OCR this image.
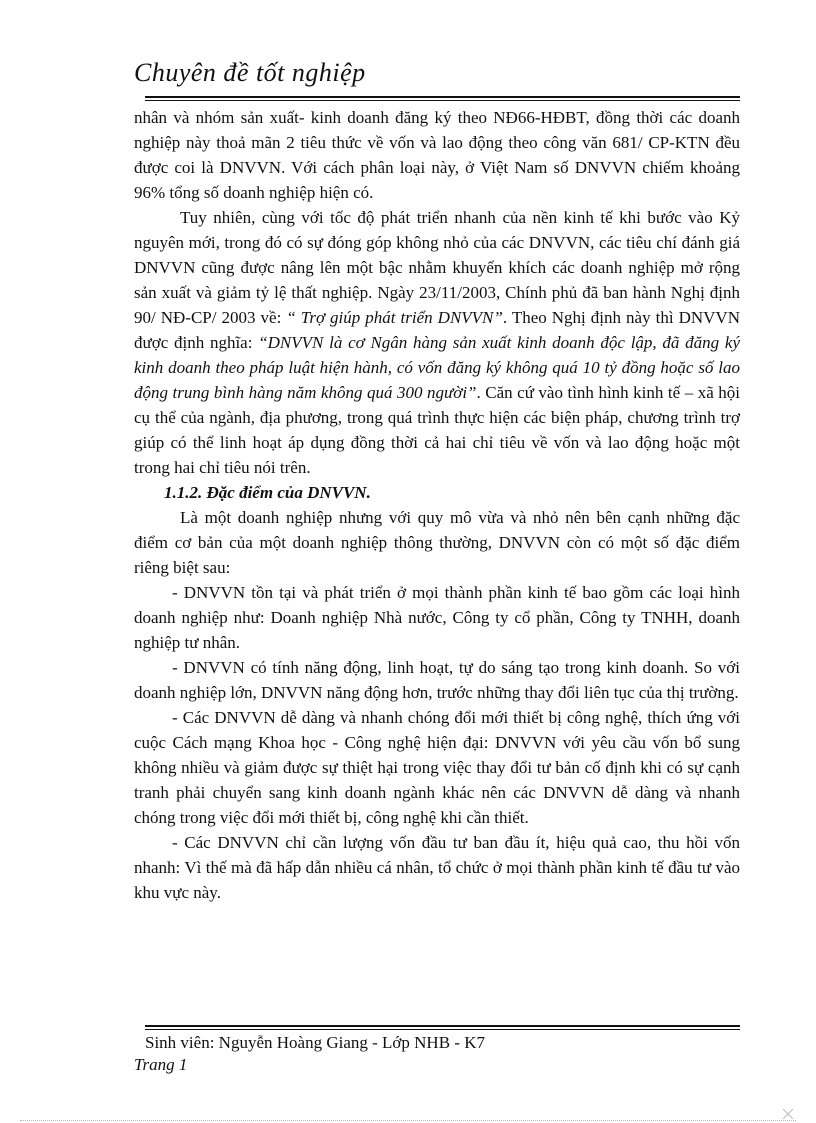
Chuyên đề tốt nghiệp

nhân và nhóm sản xuất- kinh doanh đăng ký theo NĐ66-HĐBT, đồng thời các doanh nghiệp này thoả mãn 2 tiêu thức về vốn và lao động theo công văn 681/ CP-KTN đều được coi là DNVVN. Với cách phân loại này, ở Việt Nam số DNVVN chiếm khoảng 96% tổng số doanh nghiệp hiện có.

Tuy nhiên, cùng với tốc độ phát triển nhanh của nền kinh tế khi bước vào Kỷ nguyên mới, trong đó có sự đóng góp không nhỏ của các DNVVN, các tiêu chí đánh giá DNVVN cũng được nâng lên một bậc nhằm khuyến khích các doanh nghiệp mở rộng sản xuất và giảm tỷ lệ thất nghiệp. Ngày 23/11/2003, Chính phủ đã ban hành Nghị định 90/ NĐ-CP/ 2003 về: “ Trợ giúp phát triển DNVVN”. Theo Nghị định này thì DNVVN được định nghĩa: “DNVVN là cơ Ngân hàng sản xuất kinh doanh độc lập, đã đăng ký kinh doanh theo pháp luật hiện hành, có vốn đăng ký không quá 10 tỷ đồng hoặc số lao động trung bình hàng năm không quá 300 người”. Căn cứ vào tình hình kinh tế – xã hội cụ thể của ngành, địa phương, trong quá trình thực hiện các biện pháp, chương trình trợ giúp có thể linh hoạt áp dụng đồng thời cả hai chỉ tiêu về vốn và lao động hoặc một trong hai chỉ tiêu nói trên.

1.1.2. Đặc điểm của DNVVN.

Là một doanh nghiệp nhưng với quy mô vừa và nhỏ nên bên cạnh những đặc điểm cơ bản của một doanh nghiệp thông thường, DNVVN còn có một số đặc điểm riêng biệt sau:

- DNVVN tồn tại và phát triển ở mọi thành phần kinh tế bao gồm các loại hình doanh nghiệp như: Doanh nghiệp Nhà nước, Công ty cổ phần, Công ty TNHH, doanh nghiệp tư nhân.

- DNVVN có tính năng động, linh hoạt, tự do sáng tạo trong kinh doanh. So với doanh nghiệp lớn, DNVVN năng động hơn, trước những thay đổi liên tục của thị trường.

- Các DNVVN dễ dàng và nhanh chóng đổi mới thiết bị công nghệ, thích ứng với cuộc Cách mạng Khoa học - Công nghệ hiện đại: DNVVN với yêu cầu vốn bổ sung không nhiều và giảm được sự thiệt hại trong việc thay đổi tư bản cố định khi có sự cạnh tranh phải chuyển sang kinh doanh ngành khác nên các DNVVN dễ dàng và nhanh chóng trong việc đổi mới thiết bị, công nghệ khi cần thiết.

- Các DNVVN chỉ cần lượng vốn đầu tư ban đầu ít, hiệu quả cao, thu hồi vốn nhanh: Vì thế mà đã hấp dẫn nhiều cá nhân, tổ chức ở mọi thành phần kinh tế đầu tư vào khu vực này.

Sinh viên: Nguyễn Hoàng Giang - Lớp NHB - K7

Trang 1
